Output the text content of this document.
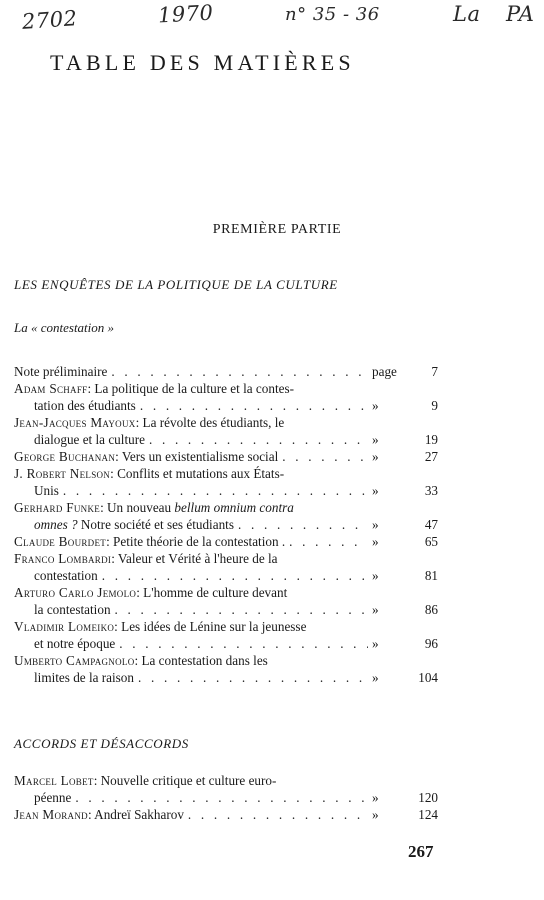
2702	1970	n° 35 - 36	La PA
TABLE DES MATIÈRES
PREMIÈRE PARTIE
LES ENQUÊTES DE LA POLITIQUE DE LA CULTURE
La « contestation »
Note préliminaire . . .	page	7
Adam Schaff: La politique de la culture et la contes-
tation des étudiants . . .	»	9
Jean-Jacques Mayoux: La révolte des étudiants, le
dialogue et la culture . . .	»	19
George Buchanan: Vers un existentialisme social . . .	»	27
J. Robert Nelson: Conflits et mutations aux États-
Unis . . .	»	33
Gerhard Funke: Un nouveau bellum omnium contra
omnes ? Notre société et ses étudiants . . .	»	47
Claude Bourdet: Petite théorie de la contestation . . . .	»	65
Franco Lombardi: Valeur et Vérité à l'heure de la
contestation . . .	»	81
Arturo Carlo Jemolo: L'homme de culture devant
la contestation . . .	»	86
Vladimir Lomeiko: Les idées de Lénine sur la jeunesse
et notre époque . . .	»	96
Umberto Campagnolo: La contestation dans les
limites de la raison . . .	»	104
ACCORDS ET DÉSACCORDS
Marcel Lobet: Nouvelle critique et culture euro-
péenne . . .	»	120
Jean Morand: Andreï Sakharov . . .	»	124
267
